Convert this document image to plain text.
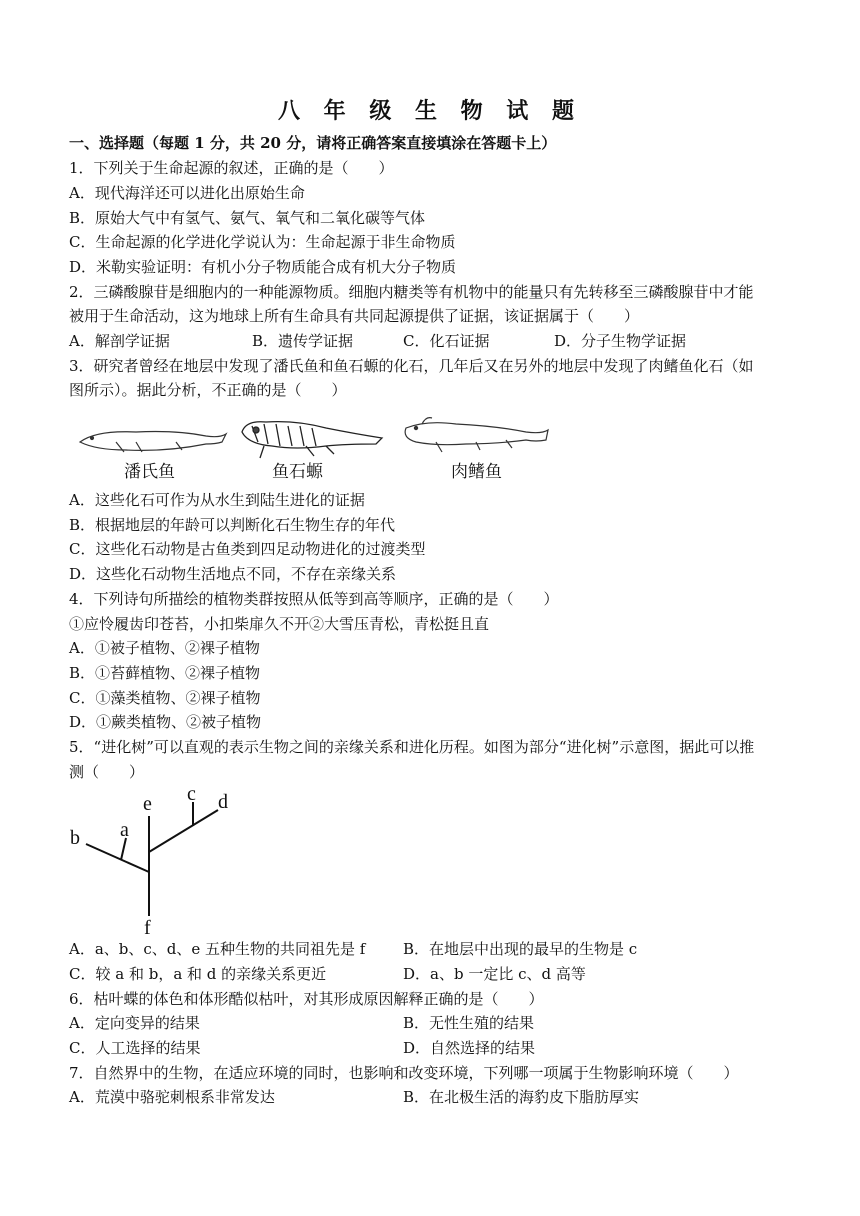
八 年 级 生 物 试 题
一、选择题（每题 1 分，共 20 分，请将正确答案直接填涂在答题卡上）
1．下列关于生命起源的叙述，正确的是（　　）
A．现代海洋还可以进化出原始生命
B．原始大气中有氢气、氨气、氧气和二氧化碳等气体
C．生命起源的化学进化学说认为：生命起源于非生命物质
D．米勒实验证明：有机小分子物质能合成有机大分子物质
2．三磷酸腺苷是细胞内的一种能源物质。细胞内糖类等有机物中的能量只有先转移至三磷酸腺苷中才能
被用于生命活动，这为地球上所有生命具有共同起源提供了证据，该证据属于（　　）
A．解剖学证据	B．遗传学证据	C．化石证据	D．分子生物学证据
3．研究者曾经在地层中发现了潘氏鱼和鱼石螈的化石，几年后又在另外的地层中发现了肉鳍鱼化石（如
图所示）。据此分析，不正确的是（　　）
潘氏鱼	鱼石螈	肉鳍鱼
A．这些化石可作为从水生到陆生进化的证据
B．根据地层的年龄可以判断化石生物生存的年代
C．这些化石动物是古鱼类到四足动物进化的过渡类型
D．这些化石动物生活地点不同，不存在亲缘关系
4．下列诗句所描绘的植物类群按照从低等到高等顺序，正确的是（　　）
①应怜履齿印苍苔，小扣柴扉久不开②大雪压青松，青松挺且直
A．①被子植物、②裸子植物
B．①苔藓植物、②裸子植物
C．①藻类植物、②裸子植物
D．①蕨类植物、②被子植物
5．“进化树”可以直观的表示生物之间的亲缘关系和进化历程。如图为部分“进化树”示意图，据此可以推
测（　　）
b a
e c d
f
A．a、b、c、d、e 五种生物的共同祖先是 f	B．在地层中出现的最早的生物是 c
C．较 a 和 b，a 和 d 的亲缘关系更近	D．a、b 一定比 c、d 高等
6．枯叶蝶的体色和体形酷似枯叶，对其形成原因解释正确的是（　　）
A．定向变异的结果	B．无性生殖的结果
C．人工选择的结果	D．自然选择的结果
7．自然界中的生物，在适应环境的同时，也影响和改变环境，下列哪一项属于生物影响环境（　　）
A．荒漠中骆驼刺根系非常发达	B．在北极生活的海豹皮下脂肪厚实
